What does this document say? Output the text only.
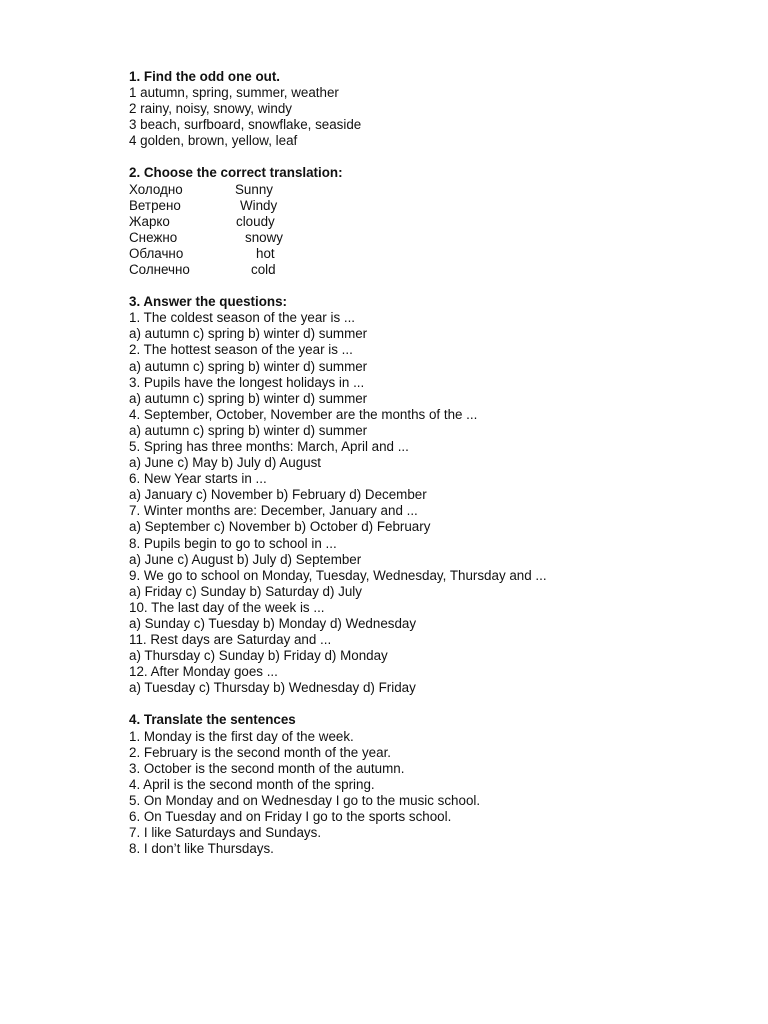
1. Find the odd one out.
1 autumn, spring, summer, weather
2 rainy, noisy, snowy, windy
3 beach, surfboard, snowflake, seaside
4 golden, brown, yellow, leaf
2. Choose the correct translation:
Холодно	Sunny
Ветрено	Windy
Жарко	cloudy
Снежно	snowy
Облачно	hot
Солнечно	cold
3. Answer the questions:
1. The coldest season of the year is ...
a) autumn c) spring b) winter d) summer
2. The hottest season of the year is ...
a) autumn c) spring b) winter d) summer
3. Pupils have the longest holidays in ...
a) autumn c) spring b) winter d) summer
4. September, October, November are the months of the ...
a) autumn c) spring b) winter d) summer
5. Spring has three months: March, April and ...
a) June c) May b) July d) August
6. New Year starts in ...
a) January c) November b) February d) December
7. Winter months are: December, January and ...
a) September c) November b) October d) February
8. Pupils begin to go to school in ...
a) June c) August b) July d) September
9. We go to school on Monday, Tuesday, Wednesday, Thursday and ...
a) Friday c) Sunday b) Saturday d) July
10. The last day of the week is ...
a) Sunday c) Tuesday b) Monday d) Wednesday
11. Rest days are Saturday and ...
a) Thursday c) Sunday b) Friday d) Monday
12. After Monday goes ...
a) Tuesday c) Thursday b) Wednesday d) Friday
4. Translate the sentences
1. Monday is the first day of the week.
2. February is the second month of the year.
3. October is the second month of the autumn.
4. April is the second month of the spring.
5. On Monday and on Wednesday I go to the music school.
6. On Tuesday and on Friday I go to the sports school.
7. I like Saturdays and Sundays.
8. I don’t like Thursdays.
